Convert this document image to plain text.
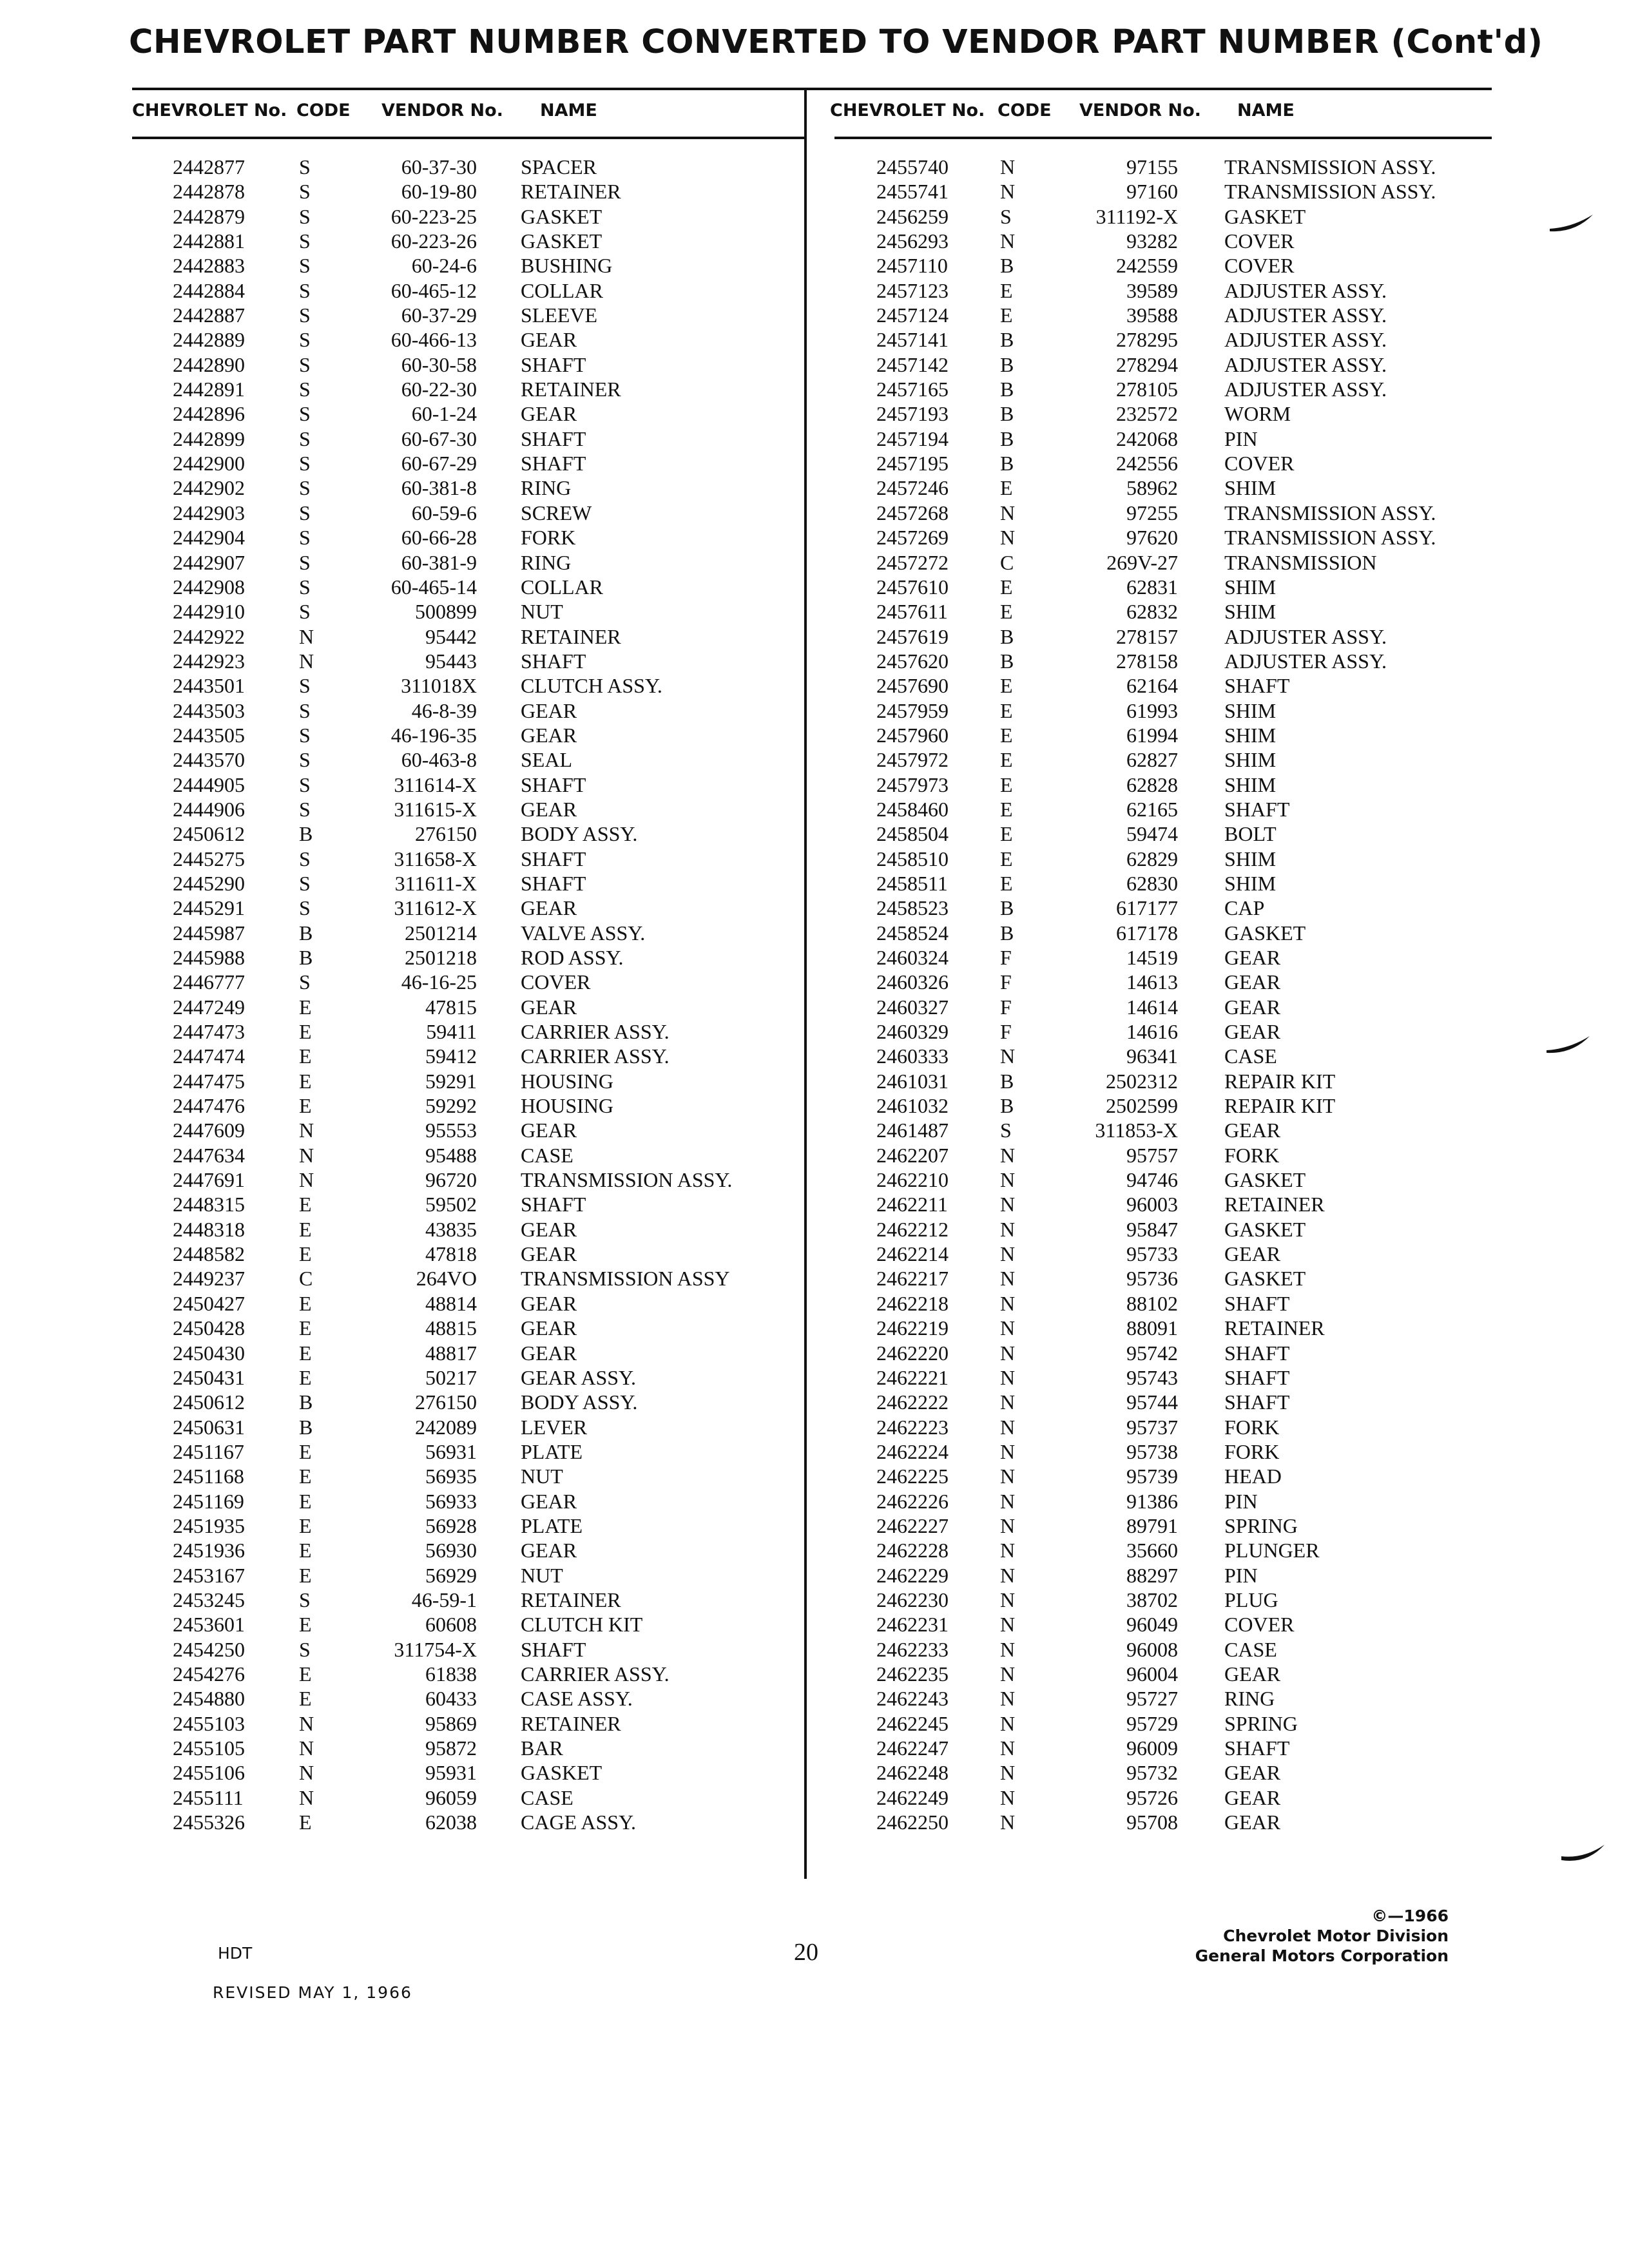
CHEVROLET PART NUMBER CONVERTED TO VENDOR PART NUMBER (Cont'd)
CHEVROLET No. CODE VENDOR No. NAME	CHEVROLET No. CODE VENDOR No. NAME
2442877	S	60-37-30 SPACER
2442878	S	60-19-80 RETAINER
2442879	S	60-223-25 GASKET
2442881	S	60-223-26 GASKET
2442883	S	60-24-6 BUSHING
2442884	S	60-465-12 COLLAR
2442887	S	60-37-29 SLEEVE
2442889	S	60-466-13 GEAR
2442890	S	60-30-58 SHAFT
2442891	S	60-22-30 RETAINER
2442896	S	60-1-24 GEAR
2442899	S	60-67-30 SHAFT
2442900	S	60-67-29 SHAFT
2442902	S	60-381-8 RING
2442903	S	60-59-6 SCREW
2442904	S	60-66-28 FORK
2442907	S	60-381-9 RING
2442908	S	60-465-14 COLLAR
2442910	S	500899 NUT
2442922	N	95442 RETAINER
2442923	N	95443 SHAFT
2443501	S	311018X CLUTCH ASSY.
2443503	S	46-8-39 GEAR
2443505	S	46-196-35 GEAR
2443570	S	60-463-8 SEAL
2444905	S	311614-X SHAFT
2444906	S	311615-X GEAR
2450612	B	276150 BODY ASSY.
2445275	S	311658-X SHAFT
2445290	S	311611-X SHAFT
2445291	S	311612-X GEAR
2445987	B	2501214 VALVE ASSY.
2445988	B	2501218 ROD ASSY.
2446777	S	46-16-25 COVER
2447249	E	47815 GEAR
2447473	E	59411 CARRIER ASSY.
2447474	E	59412 CARRIER ASSY.
2447475	E	59291 HOUSING
2447476	E	59292 HOUSING
2447609	N	95553 GEAR
2447634	N	95488 CASE
2447691	N	96720 TRANSMISSION ASSY.
2448315	E	59502 SHAFT
2448318	E	43835 GEAR
2448582	E	47818 GEAR
2449237	C	264VO TRANSMISSION ASSY
2450427	E	48814 GEAR
2450428	E	48815 GEAR
2450430	E	48817 GEAR
2450431	E	50217 GEAR ASSY.
2450612	B	276150 BODY ASSY.
2450631	B	242089 LEVER
2451167	E	56931 PLATE
2451168	E	56935 NUT
2451169	E	56933 GEAR
2451935	E	56928 PLATE
2451936	E	56930 GEAR
2453167	E	56929 NUT
2453245	S	46-59-1 RETAINER
2453601	E	60608 CLUTCH KIT
2454250	S	311754-X SHAFT
2454276	E	61838 CARRIER ASSY.
2454880	E	60433 CASE ASSY.
2455103	N	95869 RETAINER
2455105	N	95872 BAR
2455106	N	95931 GASKET
2455111	N	96059 CASE
2455326	E	62038 CAGE ASSY.
2455740	N	97155 TRANSMISSION ASSY.
2455741	N	97160 TRANSMISSION ASSY.
2456259	S	311192-X GASKET
2456293	N	93282 COVER
2457110	B	242559 COVER
2457123	E	39589 ADJUSTER ASSY.
2457124	E	39588 ADJUSTER ASSY.
2457141	B	278295 ADJUSTER ASSY.
2457142	B	278294 ADJUSTER ASSY.
2457165	B	278105 ADJUSTER ASSY.
2457193	B	232572 WORM
2457194	B	242068 PIN
2457195	B	242556 COVER
2457246	E	58962 SHIM
2457268	N	97255 TRANSMISSION ASSY.
2457269	N	97620 TRANSMISSION ASSY.
2457272	C	269V-27 TRANSMISSION
2457610	E	62831 SHIM
2457611	E	62832 SHIM
2457619	B	278157 ADJUSTER ASSY.
2457620	B	278158 ADJUSTER ASSY.
2457690	E	62164 SHAFT
2457959	E	61993 SHIM
2457960	E	61994 SHIM
2457972	E	62827 SHIM
2457973	E	62828 SHIM
2458460	E	62165 SHAFT
2458504	E	59474 BOLT
2458510	E	62829 SHIM
2458511	E	62830 SHIM
2458523	B	617177 CAP
2458524	B	617178 GASKET
2460324	F	14519 GEAR
2460326	F	14613 GEAR
2460327	F	14614 GEAR
2460329	F	14616 GEAR
2460333	N	96341 CASE
2461031	B	2502312 REPAIR KIT
2461032	B	2502599 REPAIR KIT
2461487	S	311853-X GEAR
2462207	N	95757 FORK
2462210	N	94746 GASKET
2462211	N	96003 RETAINER
2462212	N	95847 GASKET
2462214	N	95733 GEAR
2462217	N	95736 GASKET
2462218	N	88102 SHAFT
2462219	N	88091 RETAINER
2462220	N	95742 SHAFT
2462221	N	95743 SHAFT
2462222	N	95744 SHAFT
2462223	N	95737 FORK
2462224	N	95738 FORK
2462225	N	95739 HEAD
2462226	N	91386 PIN
2462227	N	89791 SPRING
2462228	N	35660 PLUNGER
2462229	N	88297 PIN
2462230	N	38702 PLUG
2462231	N	96049 COVER
2462233	N	96008 CASE
2462235	N	96004 GEAR
2462243	N	95727 RING
2462245	N	95729 SPRING
2462247	N	96009 SHAFT
2462248	N	95732 GEAR
2462249	N	95726 GEAR
2462250	N	95708 GEAR
©—1966
Chevrolet Motor Division
General Motors Corporation
20
HDT
REVISED MAY 1, 1966
